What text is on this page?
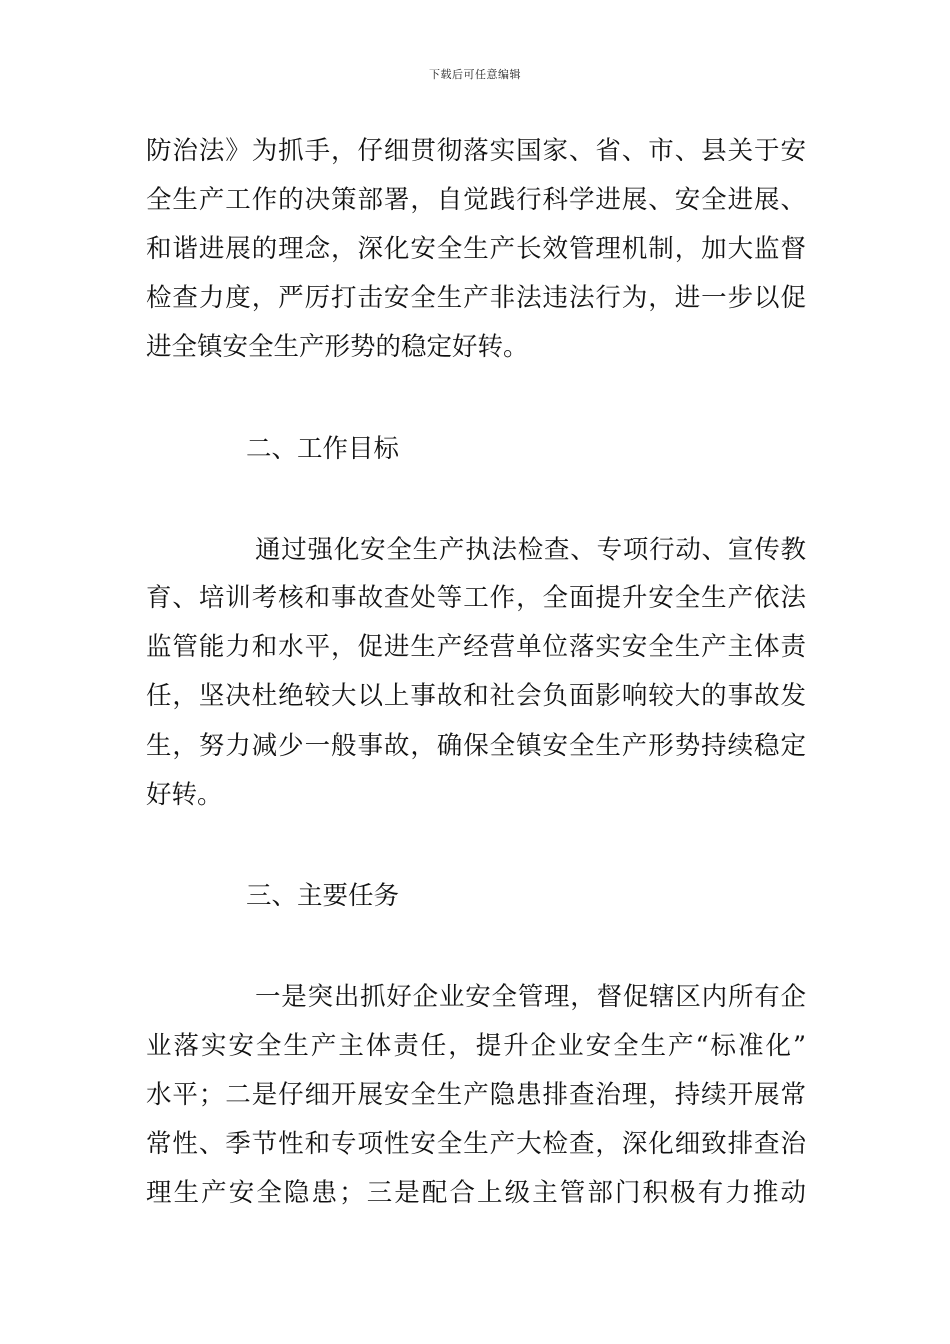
下载后可任意编辑
防治法》为抓手，仔细贯彻落实国家、省、市、县关于安
全生产工作的决策部署，自觉践行科学进展、安全进展、
和谐进展的理念，深化安全生产长效管理机制，加大监督
检查力度，严厉打击安全生产非法违法行为，进一步以促
进全镇安全生产形势的稳定好转。
二、工作目标
通过强化安全生产执法检查、专项行动、宣传教
育、培训考核和事故查处等工作，全面提升安全生产依法
监管能力和水平，促进生产经营单位落实安全生产主体责
任，坚决杜绝较大以上事故和社会负面影响较大的事故发
生，努力减少一般事故，确保全镇安全生产形势持续稳定
好转。
三、主要任务
一是突出抓好企业安全管理，督促辖区内所有企
业落实安全生产主体责任，提升企业安全生产“标准化”
水平；二是仔细开展安全生产隐患排查治理，持续开展常
常性、季节性和专项性安全生产大检查，深化细致排查治
理生产安全隐患；三是配合上级主管部门积极有力推动
